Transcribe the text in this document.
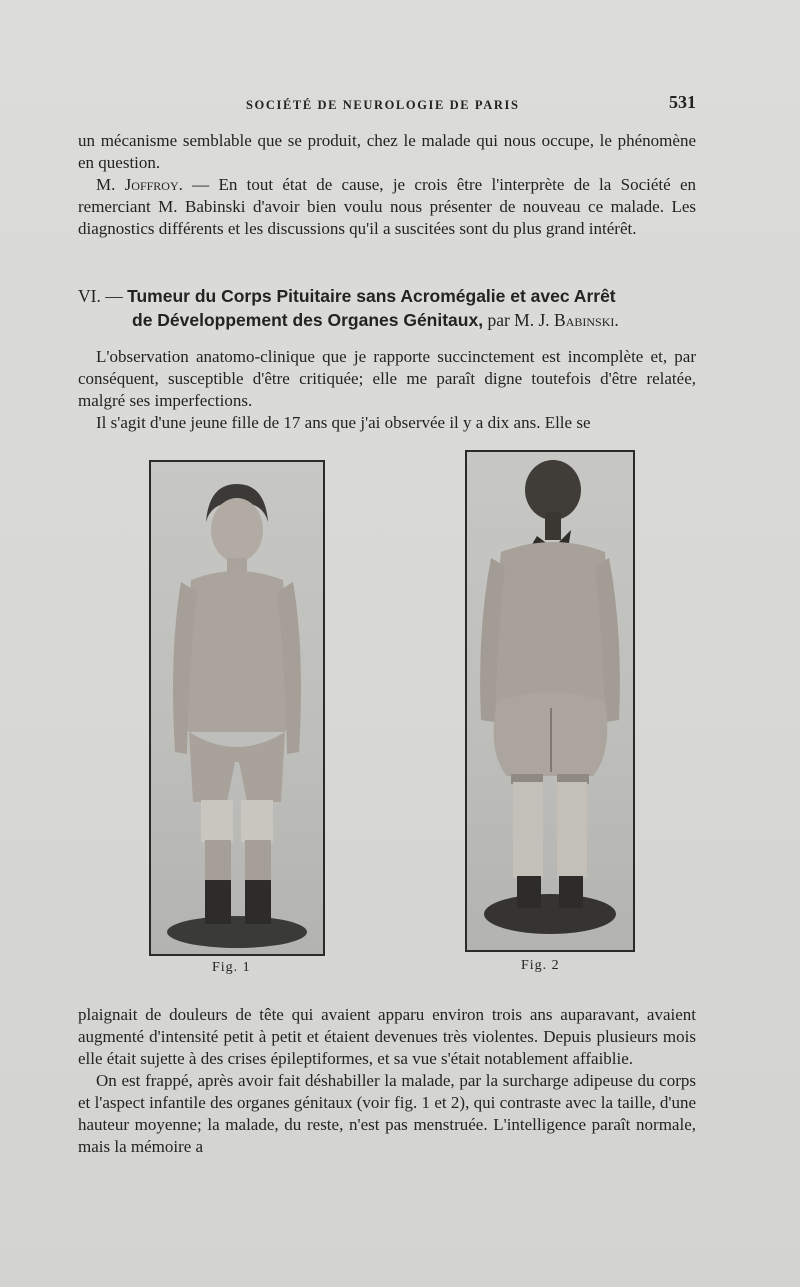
SOCIÉTÉ DE NEUROLOGIE DE PARIS	531

un mécanisme semblable que se produit, chez le malade qui nous occupe, le phénomène en question.

M. Joffroy. — En tout état de cause, je crois être l'interprète de la Société en remerciant M. Babinski d'avoir bien voulu nous présenter de nouveau ce malade. Les diagnostics différents et les discussions qu'il a suscitées sont du plus grand intérêt.

VI. — Tumeur du Corps Pituitaire sans Acromégalie et avec Arrêt
de Développement des Organes Génitaux, par M. J. Babinski.

L'observation anatomo-clinique que je rapporte succinctement est incomplète et, par conséquent, susceptible d'être critiquée; elle me paraît digne toutefois d'être relatée, malgré ses imperfections.

Il s'agit d'une jeune fille de 17 ans que j'ai observée il y a dix ans. Elle se

Fig. 1	Fig. 2

plaignait de douleurs de tête qui avaient apparu environ trois ans auparavant, avaient augmenté d'intensité petit à petit et étaient devenues très violentes. Depuis plusieurs mois elle était sujette à des crises épileptiformes, et sa vue s'était notablement affaiblie.

On est frappé, après avoir fait déshabiller la malade, par la surcharge adipeuse du corps et l'aspect infantile des organes génitaux (voir fig. 1 et 2), qui contraste avec la taille, d'une hauteur moyenne; la malade, du reste, n'est pas menstruée. L'intelligence paraît normale, mais la mémoire a
